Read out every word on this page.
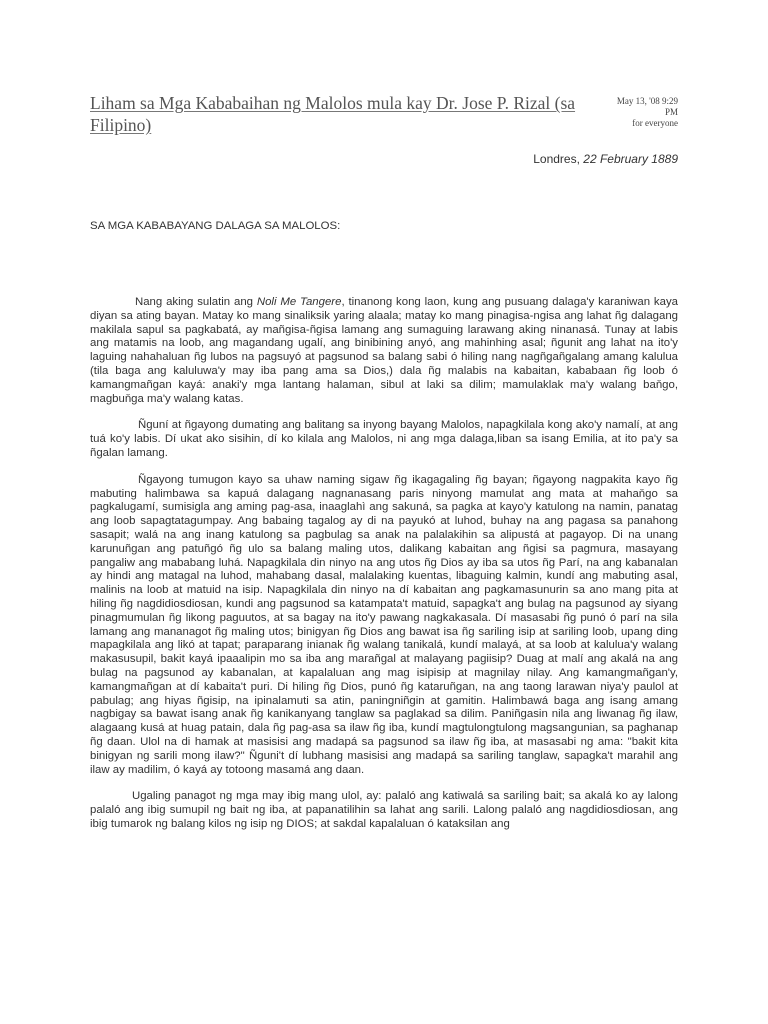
Liham sa Mga Kababaihan ng Malolos mula kay Dr. Jose P. Rizal (sa Filipino)
May 13, '08 9:29
PM
for everyone
Londres, 22 February 1889
SA MGA KABABAYANG DALAGA SA MALOLOS:

Nang aking sulatin ang Noli Me Tangere, tinanong kong laon, kung ang pusuang dalaga'y karaniwan kaya diyan sa ating bayan. Matay ko mang sinaliksik yaring alaala; matay ko mang pinagisa-ngisa ang lahat ñg dalagang makilala sapul sa pagkabatá, ay mañgisa-ñgisa lamang ang sumaguing larawang aking ninanasá. Tunay at labis ang matamis na loob, ang magandang ugalí, ang binibining anyó, ang mahinhing asal; ñgunit ang lahat na ito'y laguing nahahaluan ñg lubos na pagsuyó at pagsunod sa balang sabi ó hiling nang nagñgañgalang amang kalulua (tila baga ang kaluluwa'y may iba pang ama sa Dios,) dala ñg malabis na kabaitan, kababaan ñg loob ó kamangmañgan kayá: anaki'y mga lantang halaman, sibul at laki sa dilim; mamulaklak ma'y walang baňgo, magbuňga ma'y walang katas.

Ñguní at ñgayong dumating ang balitang sa inyong bayang Malolos, napagkilala kong ako'y namalí, at ang tuá ko'y labis. Dí ukat ako sisihin, dí ko kilala ang Malolos, ni ang mga dalaga,liban sa isang Emilia, at ito pa'y sa ñgalan lamang.

Ñgayong tumugon kayo sa uhaw naming sigaw ñg ikagagaling ñg bayan; ñgayong nagpakita kayo ñg mabuting halimbawa sa kapuá dalagang nagnanasang paris ninyong mamulat ang mata at mahaňgo sa pagkalugamí, sumisigla ang aming pag-asa, inaaglahì ang sakuná, sa pagka at kayo'y katulong na namin, panatag ang loob sapagtatagumpay. Ang babaing tagalog ay di na payukó at luhod, buhay na ang pagasa sa panahong sasapit; walá na ang inang katulong sa pagbulag sa anak na palalakihin sa alipustá at pagayop. Di na unang karunuñgan ang patuñgó ñg ulo sa balang maling utos, dalikang kabaitan ang ñgisi sa pagmura, masayang pangaliw ang mababang luhá. Napagkilala din ninyo na ang utos ñg Dios ay iba sa utos ñg Parí, na ang kabanalan ay hindi ang matagal na luhod, mahabang dasal, malalaking kuentas, libaguing kalmin, kundí ang mabuting asal, malinis na loob at matuid na isip. Napagkilala din ninyo na dí kabaitan ang pagkamasunurin sa ano mang pita at hiling ñg nagdidiosdiosan, kundi ang pagsunod sa katampata't matuid, sapagka't ang bulag na pagsunod ay siyang pinagmumulan ñg likong paguutos, at sa bagay na ito'y pawang nagkakasala. Dí masasabi ñg punó ó parí na sila lamang ang mananagot ñg maling utos; binigyan ñg Dios ang bawat isa ñg sariling isip at sariling loob, upang ding mapagkilala ang likó at tapat; paraparang inianak ñg walang tanikalá, kundí malayá, at sa loob at kalulua'y walang makasusupil, bakit kayá ipaaalipin mo sa iba ang marañgal at malayang pagiisip? Duag at malí ang akalá na ang bulag na pagsunod ay kabanalan, at kapalaluan ang mag isipisip at magnilay nilay. Ang kamangmañgan'y, kamangmañgan at dí kabaita't puri. Di hiling ñg Dios, punó ñg kataruñgan, na ang taong larawan niya'y paulol at pabulag; ang hiyas ñgisip, na ipinalamuti sa atin, paningniñgin at gamitin. Halimbawá baga ang isang amang nagbigay sa bawat isang anak ñg kanikanyang tanglaw sa paglakad sa dilim. Paniñgasin nila ang liwanag ñg ilaw, alagaang kusá at huag patain, dala ñg pag-asa sa ilaw ñg iba, kundí magtulongtulong magsangunian, sa paghanap ñg daan. Ulol na di hamak at masisisi ang madapá sa pagsunod sa ilaw ñg iba, at masasabi ng ama: "bakit kita binigyan ng sarili mong ilaw?" Ñguni't dí lubhang masisisi ang madapá sa sariling tanglaw, sapagka't marahil ang ilaw ay madilim, ó kayá ay totoong masamá ang daan.

Ugaling panagot ng mga may ibig mang ulol, ay: palaló ang katiwalá sa sariling bait; sa akalá ko ay lalong palaló ang ibig sumupil ng bait ng iba, at papanatilihin sa lahat ang sarili. Lalong palaló ang nagdidiosdiosan, ang ibig tumarok ng balang kilos ng isip ng DIOS; at sakdal kapalaluan ó kataksilan ang
